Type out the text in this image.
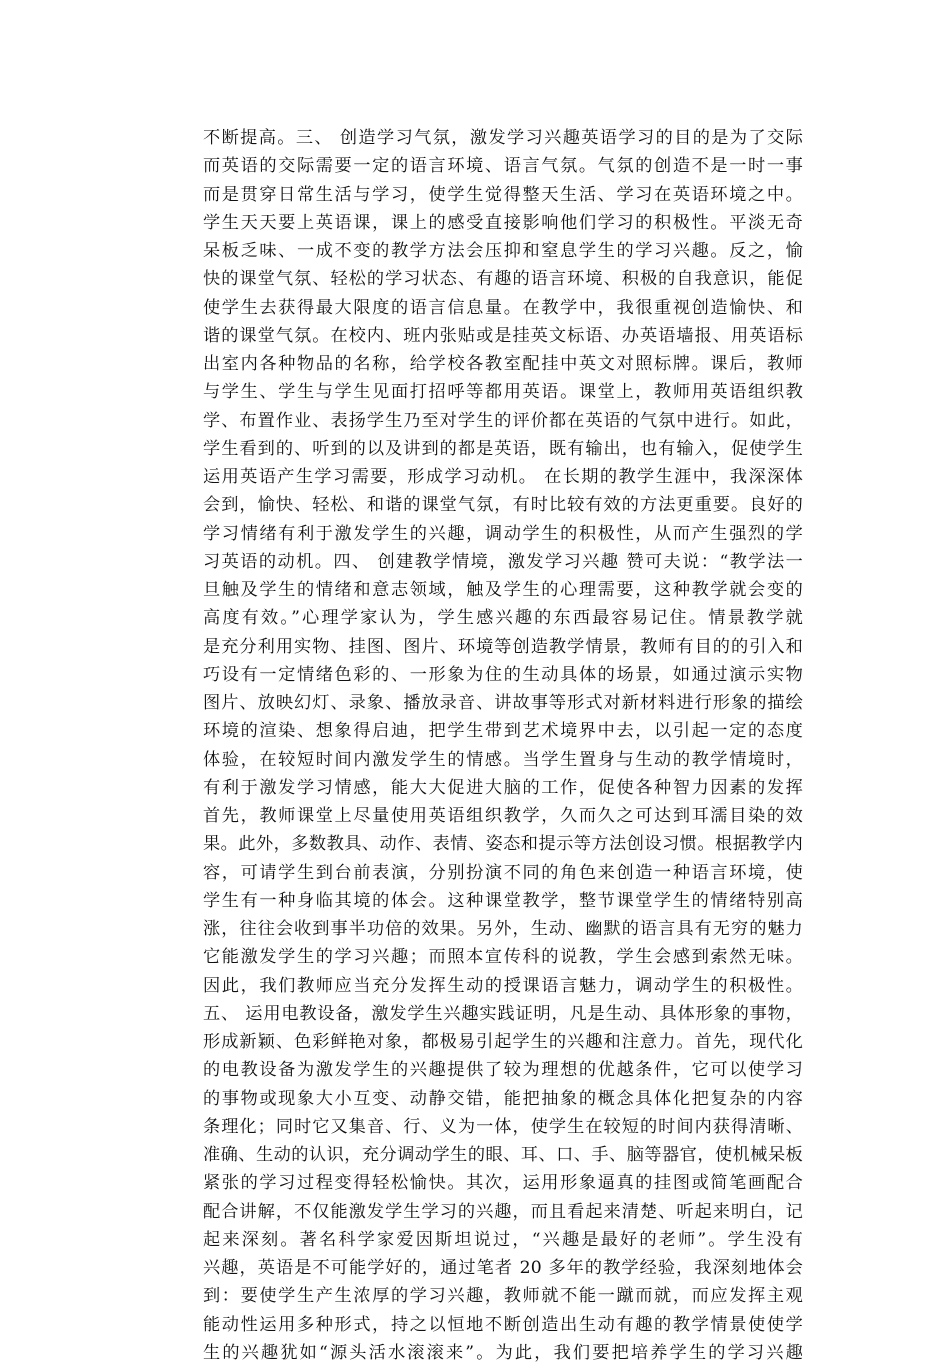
不断提高。三、 创造学习气氛，激发学习兴趣英语学习的目的是为了交际
而英语的交际需要一定的语言环境、语言气氛。气氛的创造不是一时一事
而是贯穿日常生活与学习，使学生觉得整天生活、学习在英语环境之中。
学生天天要上英语课，课上的感受直接影响他们学习的积极性。平淡无奇
呆板乏味、一成不变的教学方法会压抑和窒息学生的学习兴趣。反之，愉
快的课堂气氛、轻松的学习状态、有趣的语言环境、积极的自我意识，能促
使学生去获得最大限度的语言信息量。在教学中，我很重视创造愉快、和
谐的课堂气氛。在校内、班内张贴或是挂英文标语、办英语墙报、用英语标
出室内各种物品的名称，给学校各教室配挂中英文对照标牌。课后，教师
与学生、学生与学生见面打招呼等都用英语。课堂上，教师用英语组织教
学、布置作业、表扬学生乃至对学生的评价都在英语的气氛中进行。如此，
学生看到的、听到的以及讲到的都是英语，既有输出，也有输入，促使学生
运用英语产生学习需要，形成学习动机。 在长期的教学生涯中，我深深体
会到，愉快、轻松、和谐的课堂气氛，有时比较有效的方法更重要。良好的
学习情绪有利于激发学生的兴趣，调动学生的积极性，从而产生强烈的学
习英语的动机。四、 创建教学情境，激发学习兴趣 赞可夫说：“教学法一
旦触及学生的情绪和意志领域，触及学生的心理需要，这种教学就会变的
高度有效。”心理学家认为，学生感兴趣的东西最容易记住。情景教学就
是充分利用实物、挂图、图片、环境等创造教学情景，教师有目的的引入和
巧设有一定情绪色彩的、一形象为住的生动具体的场景，如通过演示实物
图片、放映幻灯、录象、播放录音、讲故事等形式对新材料进行形象的描绘
环境的渲染、想象得启迪，把学生带到艺术境界中去，以引起一定的态度
体验，在较短时间内激发学生的情感。当学生置身与生动的教学情境时，
有利于激发学习情感，能大大促进大脑的工作，促使各种智力因素的发挥
首先，教师课堂上尽量使用英语组织教学，久而久之可达到耳濡目染的效
果。此外，多数教具、动作、表情、姿态和提示等方法创设习惯。根据教学内
容，可请学生到台前表演，分别扮演不同的角色来创造一种语言环境，使
学生有一种身临其境的体会。这种课堂教学，整节课堂学生的情绪特别高
涨，往往会收到事半功倍的效果。另外，生动、幽默的语言具有无穷的魅力
它能激发学生的学习兴趣；而照本宣传科的说教，学生会感到索然无味。
因此，我们教师应当充分发挥生动的授课语言魅力，调动学生的积极性。
五、 运用电教设备，激发学生兴趣实践证明，凡是生动、具体形象的事物，
形成新颖、色彩鲜艳对象，都极易引起学生的兴趣和注意力。首先，现代化
的电教设备为激发学生的兴趣提供了较为理想的优越条件，它可以使学习
的事物或现象大小互变、动静交错，能把抽象的概念具体化把复杂的内容
条理化；同时它又集音、行、义为一体，使学生在较短的时间内获得清晰、
准确、生动的认识，充分调动学生的眼、耳、口、手、脑等器官，使机械呆板
紧张的学习过程变得轻松愉快。其次，运用形象逼真的挂图或简笔画配合
配合讲解，不仅能激发学生学习的兴趣，而且看起来清楚、听起来明白，记
起来深刻。著名科学家爱因斯坦说过，“兴趣是最好的老师”。学生没有
兴趣，英语是不可能学好的，通过笔者 20 多年的教学经验，我深刻地体会
到：要使学生产生浓厚的学习兴趣，教师就不能一蹴而就，而应发挥主观
能动性运用多种形式，持之以恒地不断创造出生动有趣的教学情景使使学
生的兴趣犹如“源头活水滚滚来”。为此，我们要把培养学生的学习兴趣
